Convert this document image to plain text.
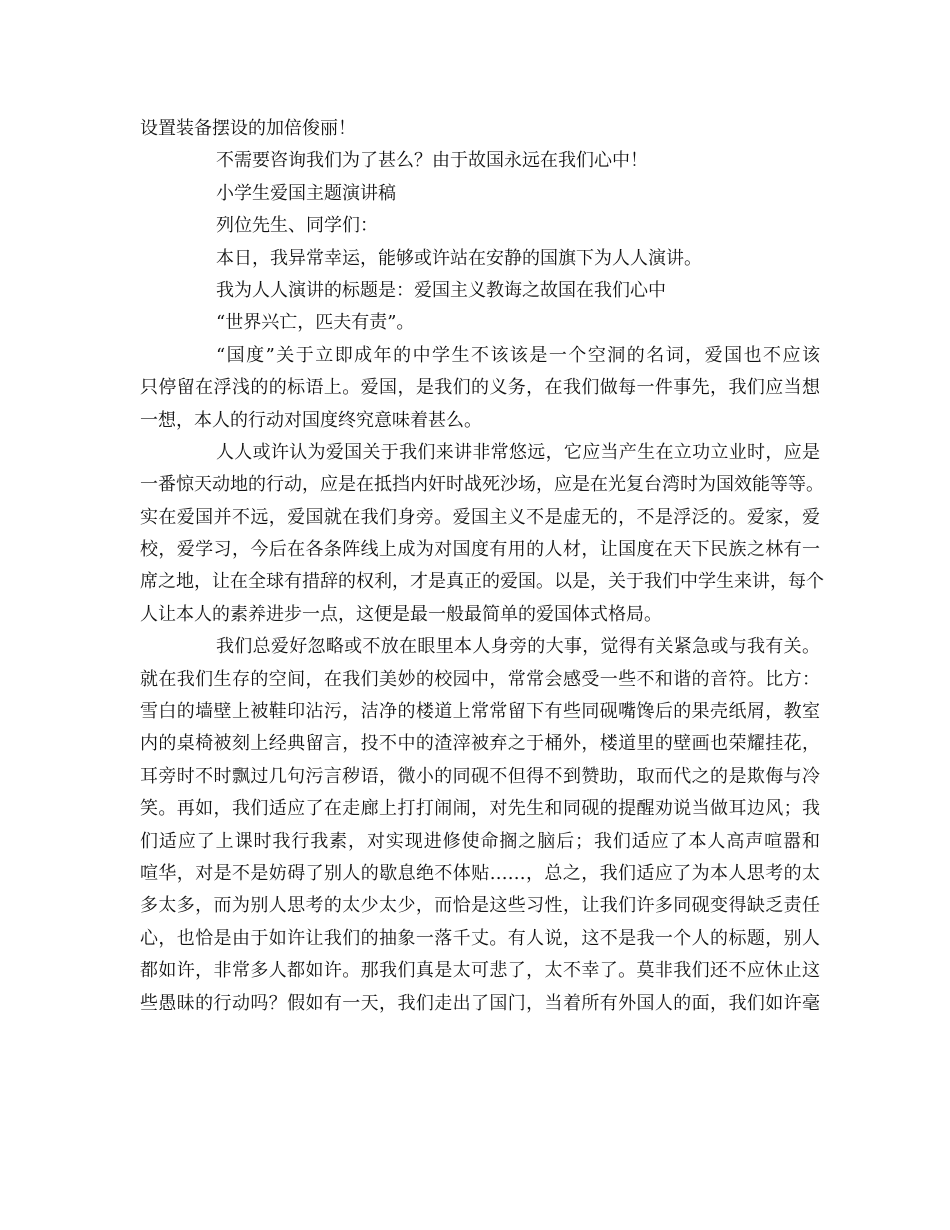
设置装备摆设的加倍俊丽！
不需要咨询我们为了甚么？由于故国永远在我们心中！
小学生爱国主题演讲稿
列位先生、同学们：
本日，我异常幸运，能够或许站在安静的国旗下为人人演讲。
我为人人演讲的标题是：爱国主义教诲之故国在我们心中
“世界兴亡，匹夫有责”。
“国度”关于立即成年的中学生不该该是一个空洞的名词，爱国也不应该
只停留在浮浅的的标语上。爱国，是我们的义务，在我们做每一件事先，我们应当想
一想，本人的行动对国度终究意味着甚么。
人人或许认为爱国关于我们来讲非常悠远，它应当产生在立功立业时，应是
一番惊天动地的行动，应是在抵挡内奸时战死沙场，应是在光复台湾时为国效能等等。
实在爱国并不远，爱国就在我们身旁。爱国主义不是虚无的，不是浮泛的。爱家，爱
校，爱学习，今后在各条阵线上成为对国度有用的人材，让国度在天下民族之林有一
席之地，让在全球有措辞的权利，才是真正的爱国。以是，关于我们中学生来讲，每个
人让本人的素养进步一点，这便是最一般最简单的爱国体式格局。
我们总爱好忽略或不放在眼里本人身旁的大事，觉得有关紧急或与我有关。
就在我们生存的空间，在我们美妙的校园中，常常会感受一些不和谐的音符。比方：
雪白的墙壁上被鞋印沾污，洁净的楼道上常常留下有些同砚嘴馋后的果壳纸屑，教室
内的桌椅被刻上经典留言，投不中的渣滓被弃之于桶外，楼道里的壁画也荣耀挂花，
耳旁时不时飘过几句污言秽语，微小的同砚不但得不到赞助，取而代之的是欺侮与冷
笑。再如，我们适应了在走廊上打打闹闹，对先生和同砚的提醒劝说当做耳边风；我
们适应了上课时我行我素，对实现进修使命搁之脑后；我们适应了本人高声喧嚣和
喧华，对是不是妨碍了别人的歇息绝不体贴……，总之，我们适应了为本人思考的太
多太多，而为别人思考的太少太少，而恰是这些习性，让我们许多同砚变得缺乏责任
心，也恰是由于如许让我们的抽象一落千丈。有人说，这不是我一个人的标题，别人
都如许，非常多人都如许。那我们真是太可悲了，太不幸了。莫非我们还不应休止这
些愚昧的行动吗？假如有一天，我们走出了国门，当着所有外国人的面，我们如许毫
